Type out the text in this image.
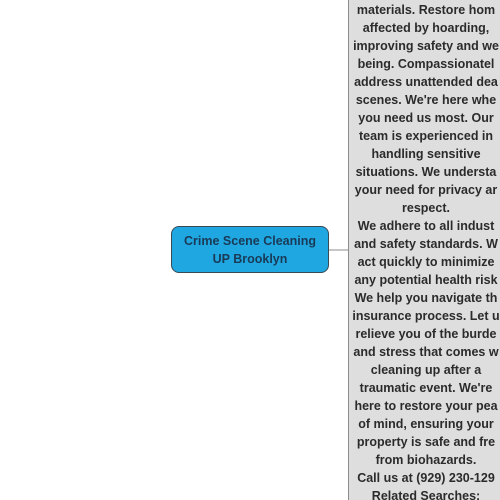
Crime Scene Cleaning
UP Brooklyn
materials. Restore hom
affected by hoarding,
improving safety and we
being. Compassionatel
address unattended dea
scenes. We're here whe
you need us most. Our
team is experienced in
handling sensitive
situations. We understa
your need for privacy ar
respect.
We adhere to all indust
and safety standards. W
act quickly to minimize
any potential health risk
We help you navigate th
insurance process. Let u
relieve you of the burde
and stress that comes w
cleaning up after a
traumatic event. We're
here to restore your pea
of mind, ensuring your
property is safe and fre
from biohazards.
Call us at (929) 230-129
Related Searches:
